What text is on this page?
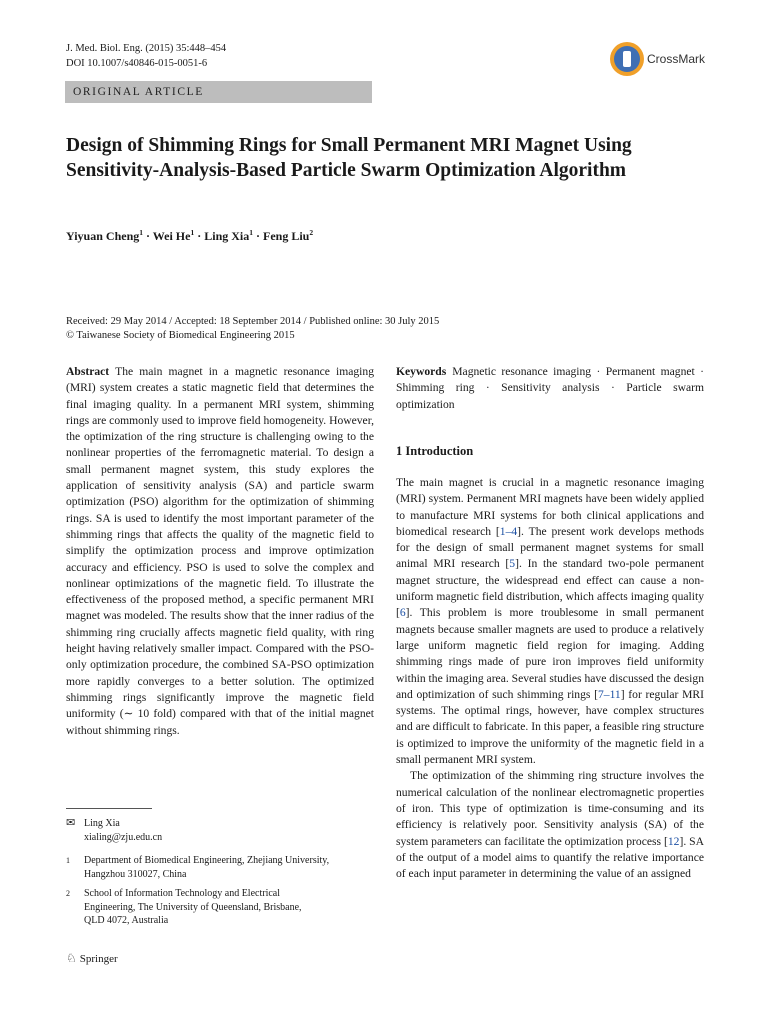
J. Med. Biol. Eng. (2015) 35:448–454
DOI 10.1007/s40846-015-0051-6	CrossMark
ORIGINAL ARTICLE
Design of Shimming Rings for Small Permanent MRI Magnet Using Sensitivity-Analysis-Based Particle Swarm Optimization Algorithm
Yiyuan Cheng$^1$ · Wei $He^1$ · Ling Xia$^1$ · Feng Liu$^2$
Received: 29 May 2014 / Accepted: 18 September 2014 / Published online: 30 July 2015
© Taiwanese Society of Biomedical Engineering 2015
Abstract The main magnet in a magnetic resonance imaging (MRI) system creates a static magnetic field that determines the final imaging quality. In a permanent MRI system, shimming rings are commonly used to improve field homogeneity. However, the optimization of the ring structure is challenging owing to the nonlinear properties of the ferromagnetic material. To design a small permanent magnet system, this study explores the application of sensitivity analysis (SA) and particle swarm optimization (PSO) algorithm for the optimization of shimming rings. SA is used to identify the most important parameter of the shimming rings that affects the quality of the magnetic field to simplify the optimization process and improve optimization accuracy and efficiency. PSO is used to solve the complex and nonlinear optimizations of the magnetic field. To illustrate the effectiveness of the proposed method, a specific permanent MRI magnet was modeled. The results show that the inner radius of the shimming ring crucially affects magnetic field quality, with ring height having relatively smaller impact. Compared with the PSO-only optimization procedure, the combined SA-PSO optimization more rapidly converges to a better solution. The optimized shimming rings significantly improve the magnetic field uniformity (∼ 10 fold) compared with that of the initial magnet without shimming rings.
Keywords Magnetic resonance imaging · Permanent magnet · Shimming ring · Sensitivity analysis · Particle swarm optimization
1 Introduction

The main magnet is crucial in a magnetic resonance imaging (MRI) system. Permanent MRI magnets have been widely applied to manufacture MRI systems for both clinical applications and biomedical research [1–4]. The present work develops methods for the design of small permanent magnet systems for small animal MRI research [5]. In the standard two-pole permanent magnet structure, the widespread end effect can cause a non-uniform magnetic field distribution, which affects imaging quality [6]. This problem is more troublesome in small permanent magnets because smaller magnets are used to produce a relatively large uniform magnetic field region for imaging. Adding shimming rings made of pure iron improves field uniformity within the imaging area. Several studies have discussed the design and optimization of such shimming rings [7–11] for regular MRI systems. The optimal rings, however, have complex structures and are difficult to fabricate. In this paper, a feasible ring structure is optimized to improve the uniformity of the magnetic field in a small permanent MRI system.

The optimization of the shimming ring structure involves the numerical calculation of the nonlinear electromagnetic properties of iron. This type of optimization is time-consuming and its efficiency is relatively poor. Sensitivity analysis (SA) of the system parameters can facilitate the optimization process [12]. SA of the output of a model aims to quantify the relative importance of each input parameter in determining the value of an assigned

✉ Ling Xia
xialing@zju.edu.cn
1	Department of Biomedical Engineering, Zhejiang University,
Hangzhou 310027, China
2	School of Information Technology and Electrical
Engineering, The University of Queensland, Brisbane,
QLD 4072, Australia
♘ Springer
